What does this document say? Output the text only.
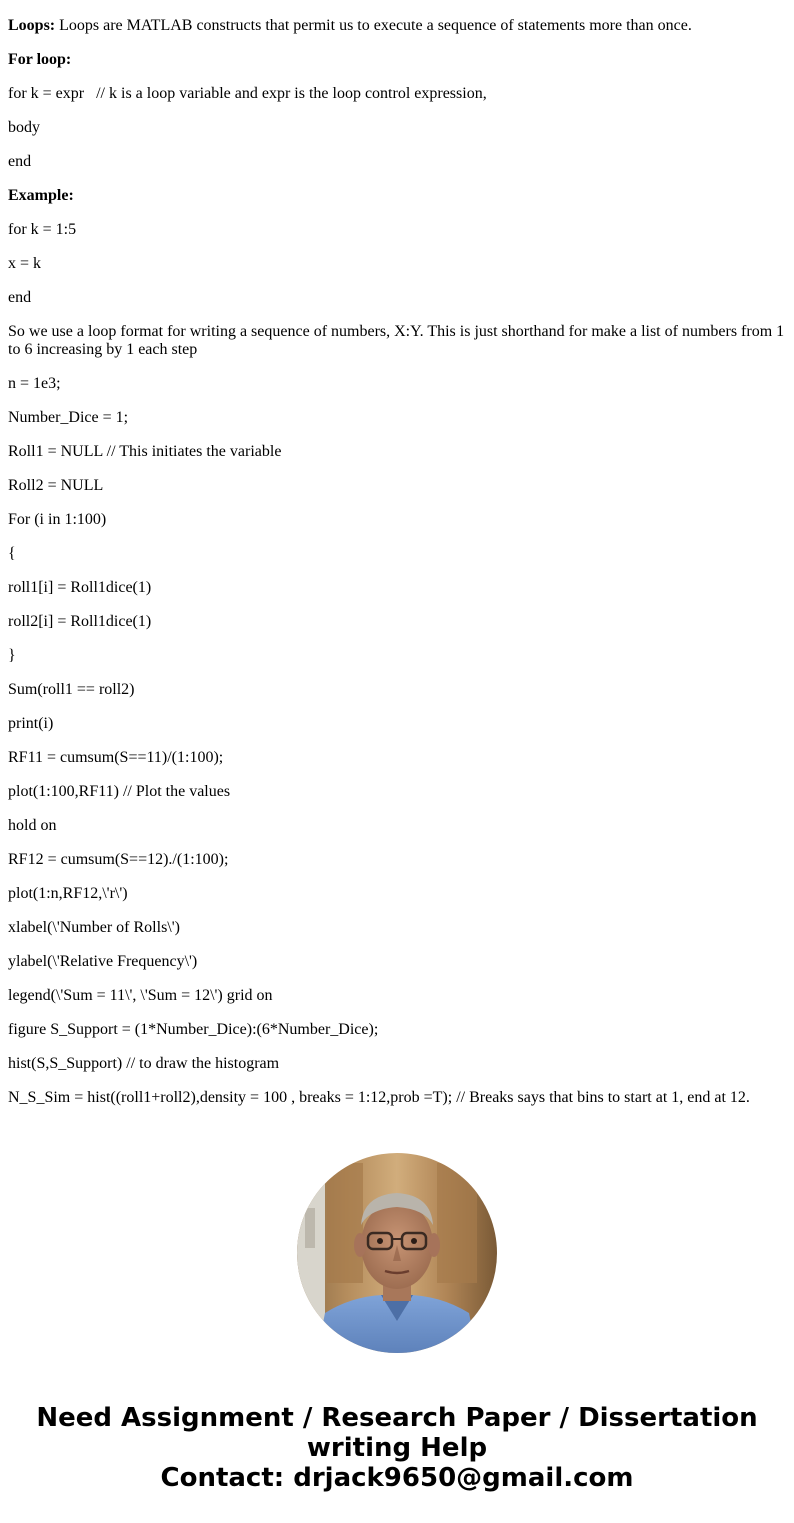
Loops: Loops are MATLAB constructs that permit us to execute a sequence of statements more than once.

For loop:

for k = expr   // k is a loop variable and expr is the loop control expression,

body

end

Example:

for k = 1:5

x = k

end

So we use a loop format for writing a sequence of numbers, X:Y. This is just shorthand for make a list of numbers from 1 to 6 increasing by 1 each step

n = 1e3;

Number_Dice = 1;

Roll1 = NULL // This initiates the variable

Roll2 = NULL

For (i in 1:100)

{

roll1[i] = Roll1dice(1)

roll2[i] = Roll1dice(1)

}

Sum(roll1 == roll2)

print(i)

RF11 = cumsum(S==11)/(1:100);

plot(1:100,RF11) // Plot the values

hold on

RF12 = cumsum(S==12)./(1:100);

plot(1:n,RF12,\'r\')

xlabel(\'Number of Rolls\')

ylabel(\'Relative Frequency\')

legend(\'Sum = 11\', \'Sum = 12\') grid on

figure S_Support = (1*Number_Dice):(6*Number_Dice);

hist(S,S_Support) // to draw the histogram

N_S_Sim = hist((roll1+roll2),density = 100 , breaks = 1:12,prob =T); // Breaks says that bins to start at 1, end at 12.

Need Assignment / Research Paper / Dissertation
writing Help
Contact: drjack9650@gmail.com
